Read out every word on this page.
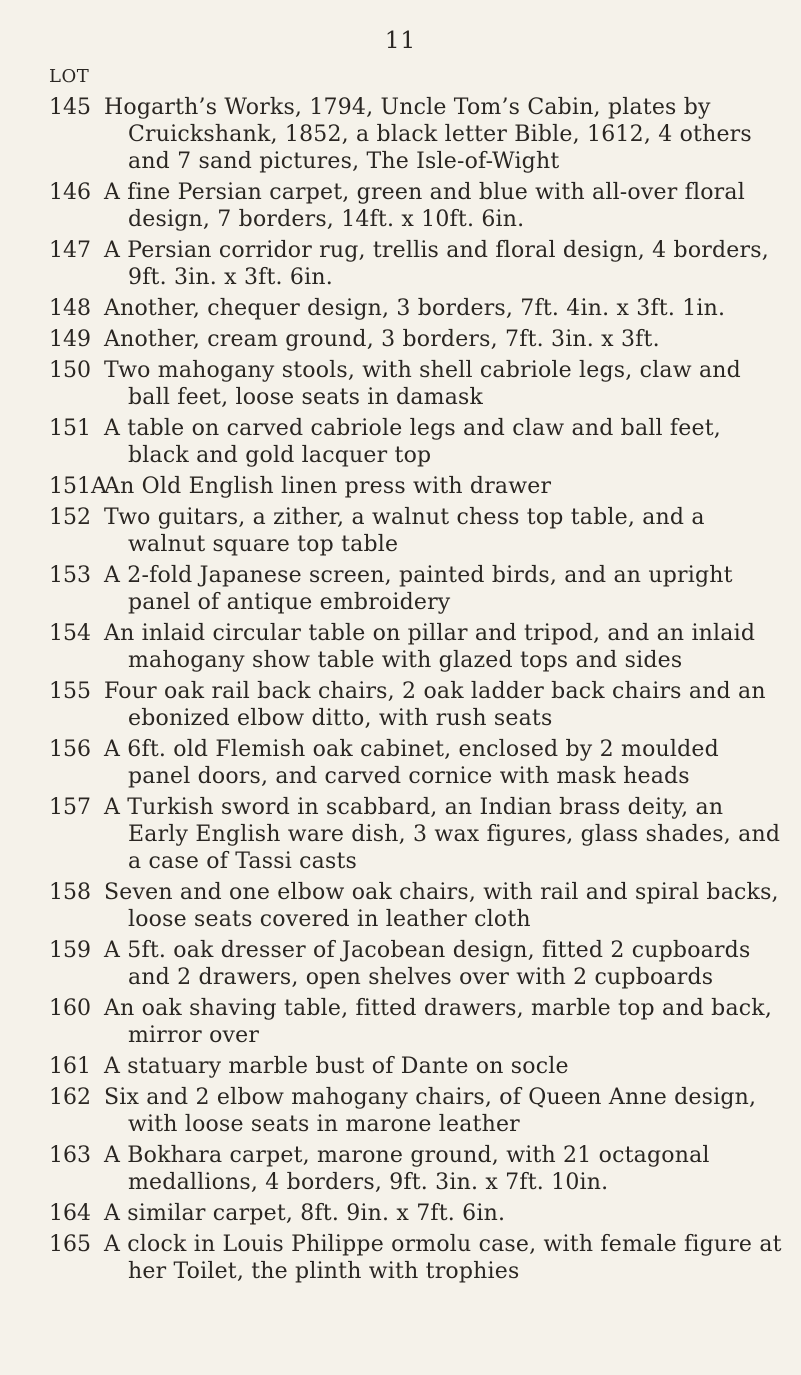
11
LOT
145 Hogarth’s Works, 1794, Uncle Tom’s Cabin, plates by Cruickshank, 1852, a black letter Bible, 1612, 4 others and 7 sand pictures, The Isle-of-Wight
146 A fine Persian carpet, green and blue with all-over floral design, 7 borders, 14ft. x 10ft. 6in.
147 A Persian corridor rug, trellis and floral design, 4 borders, 9ft. 3in. x 3ft. 6in.
148 Another, chequer design, 3 borders, 7ft. 4in. x 3ft. 1in.
149 Another, cream ground, 3 borders, 7ft. 3in. x 3ft.
150 Two mahogany stools, with shell cabriole legs, claw and ball feet, loose seats in damask
151 A table on carved cabriole legs and claw and ball feet, black and gold lacquer top
151A
An Old English linen press with drawer
152 Two guitars, a zither, a walnut chess top table, and a walnut square top table
153 A 2-fold Japanese screen, painted birds, and an upright panel of antique embroidery
154 An inlaid circular table on pillar and tripod, and an inlaid mahogany show table with glazed tops and sides
155 Four oak rail back chairs, 2 oak ladder back chairs and an ebonized elbow ditto, with rush seats
156 A 6ft. old Flemish oak cabinet, enclosed by 2 moulded panel doors, and carved cornice with mask heads
157 A Turkish sword in scabbard, an Indian brass deity, an Early English ware dish, 3 wax figures, glass shades, and a case of Tassi casts
158 Seven and one elbow oak chairs, with rail and spiral backs, loose seats covered in leather cloth
159 A 5ft. oak dresser of Jacobean design, fitted 2 cupboards and 2 drawers, open shelves over with 2 cupboards
160 An oak shaving table, fitted drawers, marble top and back, mirror over
161 A statuary marble bust of Dante on socle
162 Six and 2 elbow mahogany chairs, of Queen Anne design, with loose seats in marone leather
163 A Bokhara carpet, marone ground, with 21 octagonal medallions, 4 borders, 9ft. 3in. x 7ft. 10in.
164 A similar carpet, 8ft. 9in. x 7ft. 6in.
165 A clock in Louis Philippe ormolu case, with female figure at her Toilet, the plinth with trophies
